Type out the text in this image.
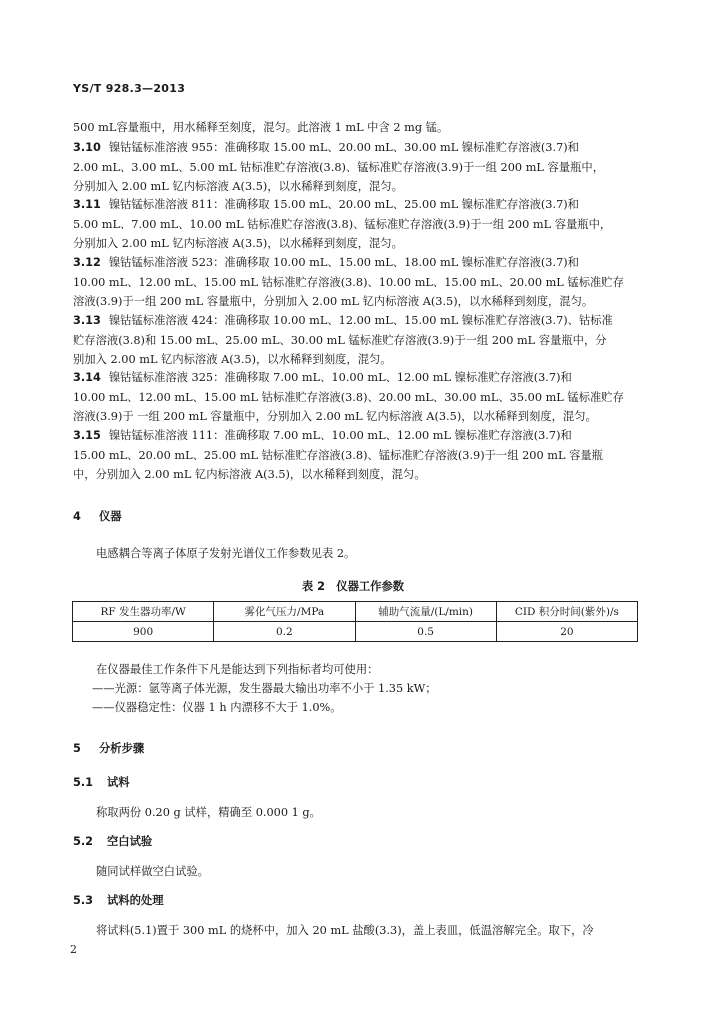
YS/T 928.3—2013
500 mL容量瓶中，用水稀释至刻度，混匀。此溶液 1 mL 中含 2 mg 锰。
3.10 镍钴锰标准溶液 955：准确移取 15.00 mL、20.00 mL、30.00 mL 镍标准贮存溶液(3.7)和
2.00 mL、3.00 mL、5.00 mL 钴标准贮存溶液(3.8)、锰标准贮存溶液(3.9)于一组 200 mL 容量瓶中，
分别加入 2.00 mL 钇内标溶液 A(3.5)，以水稀释到刻度，混匀。
3.11 镍钴锰标准溶液 811：准确移取 15.00 mL、20.00 mL、25.00 mL 镍标准贮存溶液(3.7)和
5.00 mL、7.00 mL、10.00 mL 钴标准贮存溶液(3.8)、锰标准贮存溶液(3.9)于一组 200 mL 容量瓶中，
分别加入 2.00 mL 钇内标溶液 A(3.5)，以水稀释到刻度，混匀。
3.12 镍钴锰标准溶液 523：准确移取 10.00 mL、15.00 mL、18.00 mL 镍标准贮存溶液(3.7)和
10.00 mL、12.00 mL、15.00 mL 钴标准贮存溶液(3.8)、10.00 mL、15.00 mL、20.00 mL 锰标准贮存
溶液(3.9)于一组 200 mL 容量瓶中，分别加入 2.00 mL 钇内标溶液 A(3.5)，以水稀释到刻度，混匀。
3.13 镍钴锰标准溶液 424：准确移取 10.00 mL、12.00 mL、15.00 mL 镍标准贮存溶液(3.7)、钴标准
贮存溶液(3.8)和 15.00 mL、25.00 mL、30.00 mL 锰标准贮存溶液(3.9)于一组 200 mL 容量瓶中，分
别加入 2.00 mL 钇内标溶液 A(3.5)，以水稀释到刻度，混匀。
3.14 镍钴锰标准溶液 325：准确移取 7.00 mL、10.00 mL、12.00 mL 镍标准贮存溶液(3.7)和
10.00 mL、12.00 mL、15.00 mL 钴标准贮存溶液(3.8)、20.00 mL、30.00 mL、35.00 mL 锰标准贮存
溶液(3.9)于 一组 200 mL 容量瓶中，分别加入 2.00 mL 钇内标溶液 A(3.5)，以水稀释到刻度，混匀。
3.15 镍钴锰标准溶液 111：准确移取 7.00 mL、10.00 mL、12.00 mL 镍标准贮存溶液(3.7)和
15.00 mL、20.00 mL、25.00 mL 钴标准贮存溶液(3.8)、锰标准贮存溶液(3.9)于一组 200 mL 容量瓶
中，分别加入 2.00 mL 钇内标溶液 A(3.5)，以水稀释到刻度，混匀。
4 仪器
电感耦合等离子体原子发射光谱仪工作参数见表 2。
表 2　仪器工作参数
RF 发生器功率/W	雾化气压力/MPa	辅助气流量/(L/min)	CID 积分时间(紫外)/s
900	0.2	0.5	20
在仪器最佳工作条件下凡是能达到下列指标者均可使用：
——光源：氩等离子体光源，发生器最大输出功率不小于 1.35 kW；
——仪器稳定性：仪器 1 h 内漂移不大于 1.0%。
5 分析步骤
5.1 试料
称取两份 0.20 g 试样，精确至 0.000 1 g。
5.2 空白试验
随同试样做空白试验。
5.3 试料的处理
将试料(5.1)置于 300 mL 的烧杯中，加入 20 mL 盐酸(3.3)，盖上表皿，低温溶解完全。取下，冷
2
